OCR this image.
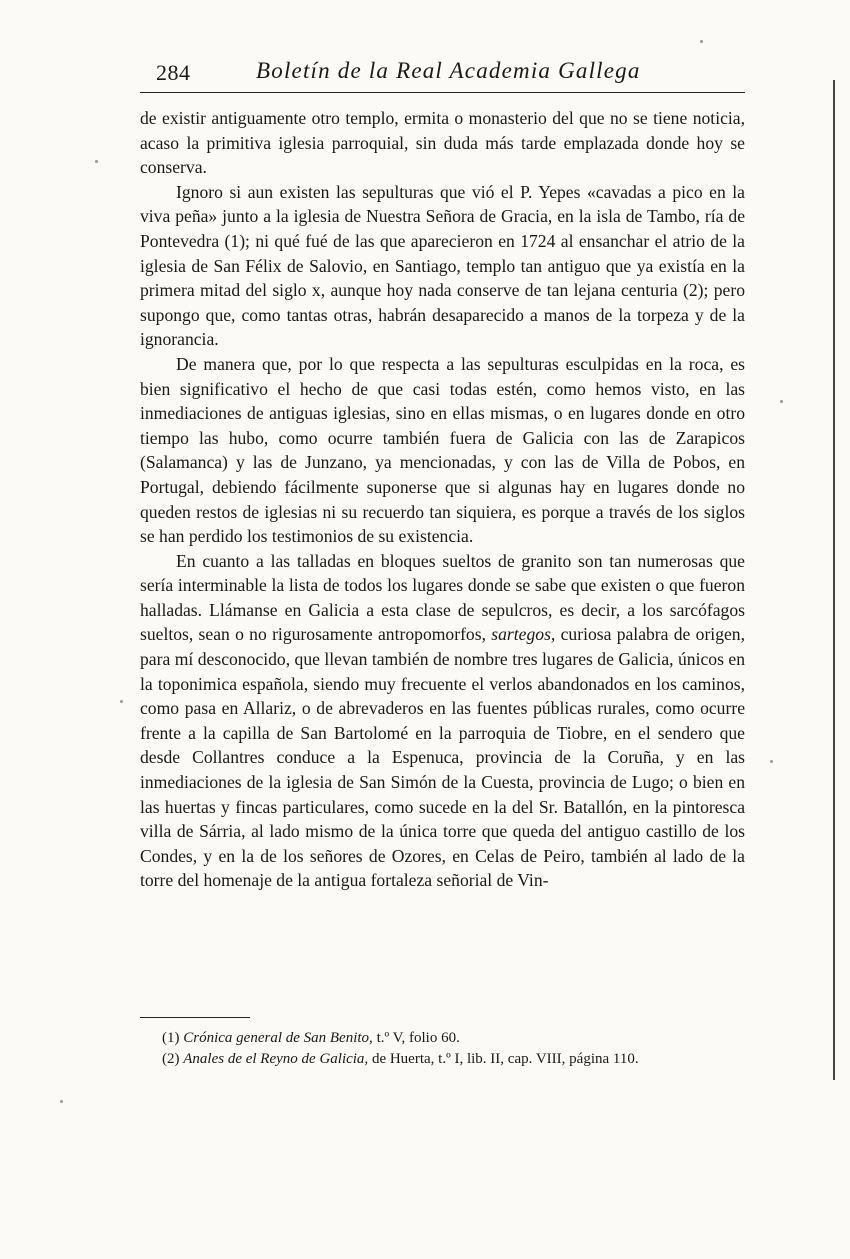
284	Boletín de la Real Academia Gallega

de existir antiguamente otro templo, ermita o monasterio del que no se tiene noticia, acaso la primitiva iglesia parroquial, sin duda más tarde emplazada donde hoy se conserva.

Ignoro si aun existen las sepulturas que vió el P. Yepes «cavadas a pico en la viva peña» junto a la iglesia de Nuestra Señora de Gracia, en la isla de Tambo, ría de Pontevedra (1); ni qué fué de las que aparecieron en 1724 al ensanchar el atrio de la iglesia de San Félix de Salovio, en Santiago, templo tan antiguo que ya existía en la primera mitad del siglo x, aunque hoy nada conserve de tan lejana centuria (2); pero supongo que, como tantas otras, habrán desaparecido a manos de la torpeza y de la ignorancia.

De manera que, por lo que respecta a las sepulturas esculpidas en la roca, es bien significativo el hecho de que casi todas estén, como hemos visto, en las inmediaciones de antiguas iglesias, sino en ellas mismas, o en lugares donde en otro tiempo las hubo, como ocurre también fuera de Galicia con las de Zarapicos (Salamanca) y las de Junzano, ya mencionadas, y con las de Villa de Pobos, en Portugal, debiendo fácilmente suponerse que si algunas hay en lugares donde no queden restos de iglesias ni su recuerdo tan siquiera, es porque a través de los siglos se han perdido los testimonios de su existencia.

En cuanto a las talladas en bloques sueltos de granito son tan numerosas que sería interminable la lista de todos los lugares donde se sabe que existen o que fueron halladas. Llámanse en Galicia a esta clase de sepulcros, es decir, a los sarcófagos sueltos, sean o no rigurosamente antropomorfos, sartegos, curiosa palabra de origen, para mí desconocido, que llevan también de nombre tres lugares de Galicia, únicos en la toponimica española, siendo muy frecuente el verlos abandonados en los caminos, como pasa en Allariz, o de abrevaderos en las fuentes públicas rurales, como ocurre frente a la capilla de San Bartolomé en la parroquia de Tiobre, en el sendero que desde Collantres conduce a la Espenuca, provincia de la Coruña, y en las inmediaciones de la iglesia de San Simón de la Cuesta, provincia de Lugo; o bien en las huertas y fincas particulares, como sucede en la del Sr. Batallón, en la pintoresca villa de Sárria, al lado mismo de la única torre que queda del antiguo castillo de los Condes, y en la de los señores de Ozores, en Celas de Peiro, también al lado de la torre del homenaje de la antigua fortaleza señorial de Vin-

(1) Crónica general de San Benito, t.º V, folio 60.

(2) Anales de el Reyno de Galicia, de Huerta, t.º I, lib. II, cap. VIII, página 110.
